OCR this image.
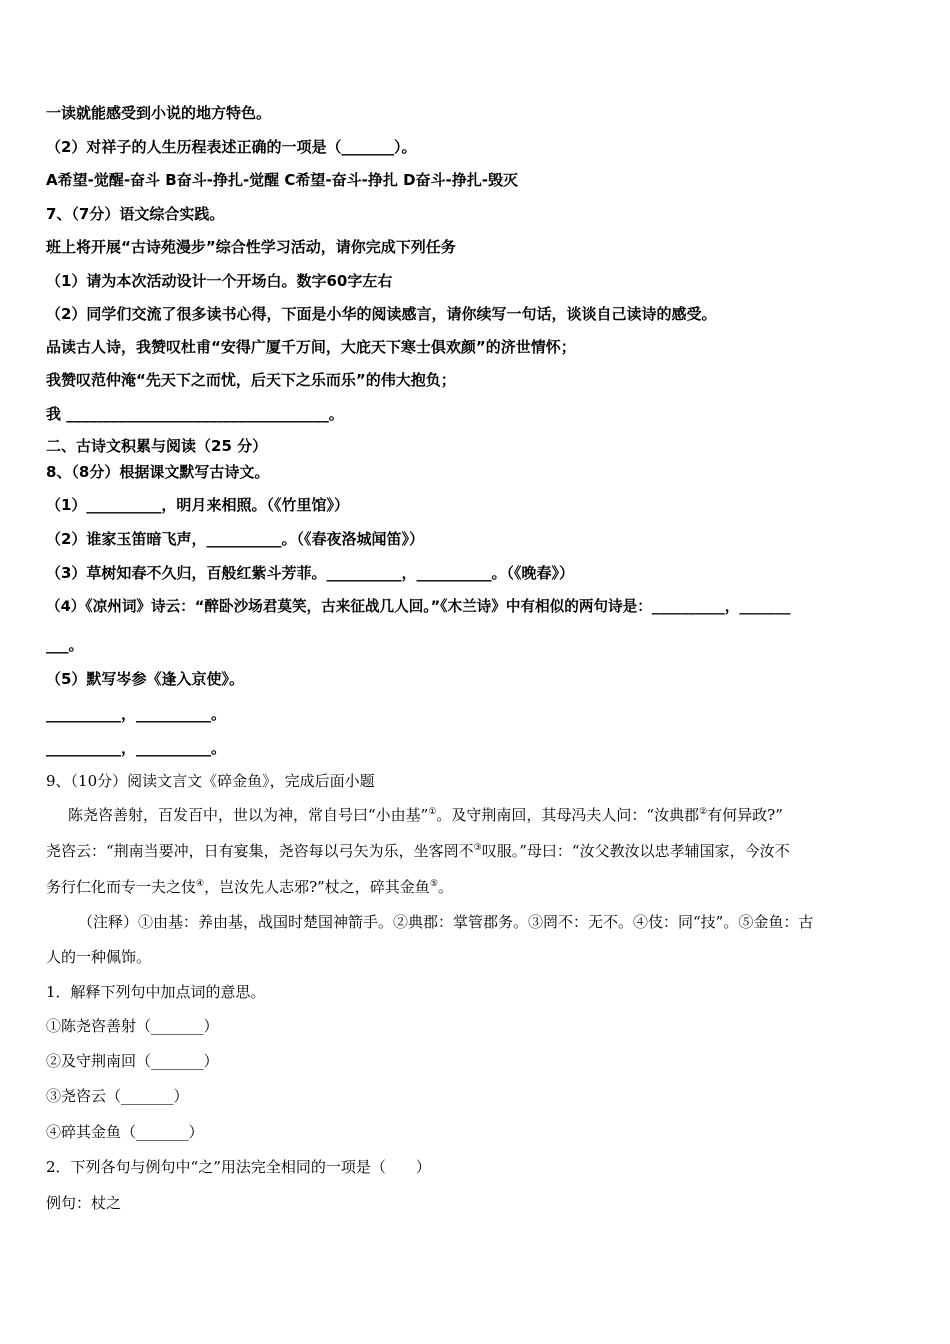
一读就能感受到小说的地方特色。
（2）对祥子的人生历程表述正确的一项是（_______）。
A希望-觉醒-奋斗 B奋斗-挣扎-觉醒 C希望-奋斗-挣扎 D奋斗-挣扎-毁灭
7、（7分）语文综合实践。
班上将开展“古诗苑漫步”综合性学习活动，请你完成下列任务
（1）请为本次活动设计一个开场白。数字60字左右
（2）同学们交流了很多读书心得，下面是小华的阅读感言，请你续写一句话，谈谈自己读诗的感受。
品读古人诗，我赞叹杜甫“安得广厦千万间，大庇天下寒士俱欢颜”的济世情怀；
我赞叹范仲淹“先天下之而忧，后天下之乐而乐”的伟大抱负；
我 ___________________________________。
二、古诗文积累与阅读（25 分）
8、（8分）根据课文默写古诗文。
（1）__________，明月来相照。（《竹里馆》）
（2）谁家玉笛暗飞声，__________。（《春夜洛城闻笛》）
（3）草树知春不久归，百般红紫斗芳菲。__________，__________。（《晚春》）
（4）《凉州词》诗云：“醉卧沙场君莫笑，古来征战几人回。”《木兰诗》中有相似的两句诗是：__________，_______
___。
（5）默写岑参《逢入京使》。
__________，__________。
__________，__________。
9、（10分）阅读文言文《碎金鱼》，完成后面小题
陈尧咨善射，百发百中，世以为神，常自号曰“小由基”①。及守荆南回，其母冯夫人问：“汝典郡②有何异政?”
尧咨云：“荆南当要冲，日有宴集，尧咨每以弓矢为乐，坐客罔不③叹服。”母曰：“汝父教汝以忠孝辅国家，今汝不
务行仁化而专一夫之伎④，岂汝先人志邪?”杖之，碎其金鱼⑤。
（注释）①由基：养由基，战国时楚国神箭手。②典郡：掌管郡务。③罔不：无不。④伎：同“技”。⑤金鱼：古
人的一种佩饰。
1．解释下列句中加点词的意思。
①陈尧咨善射（_______）
②及守荆南回（_______）
③尧咨云（_______）
④碎其金鱼（_______）
2．下列各句与例句中“之”用法完全相同的一项是（　　）
例句：杖之
